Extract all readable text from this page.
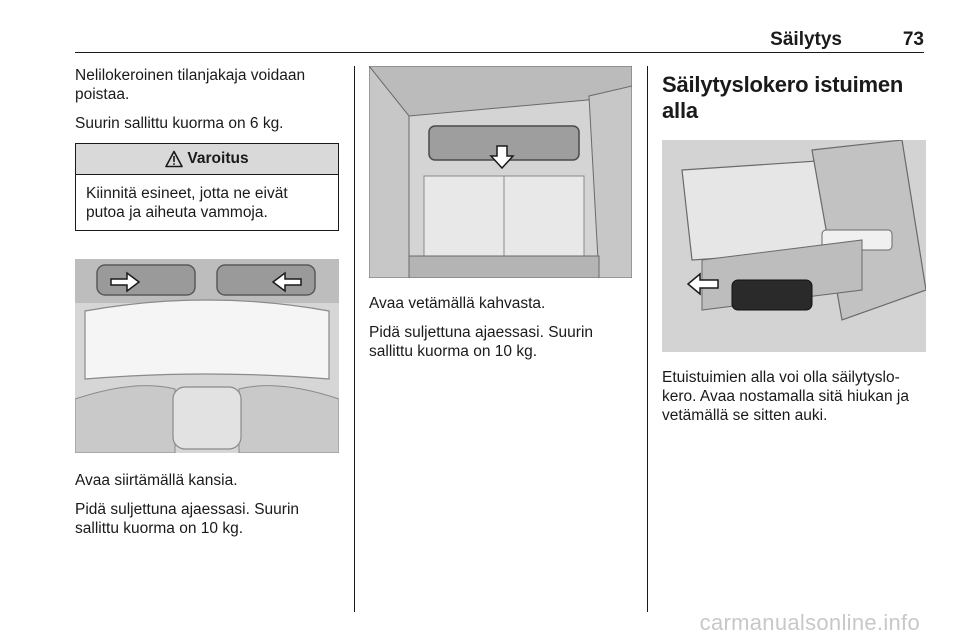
Säilytys	73

Nelilokeroinen tilanjakaja voidaan poistaa.

Suurin sallittu kuorma on 6 kg.

Varoitus
Kiinnitä esineet, jotta ne eivät putoa ja aiheuta vammoja.

Avaa siirtämällä kansia.

Pidä suljettuna ajaessasi. Suurin sallittu kuorma on 10 kg.

Avaa vetämällä kahvasta.

Pidä suljettuna ajaessasi. Suurin sallittu kuorma on 10 kg.

Säilytyslokero istuimen alla

Etuistuimien alla voi olla säilytyslo- kero. Avaa nostamalla sitä hiukan ja vetämällä se sitten auki.

carmanualsonline.info
